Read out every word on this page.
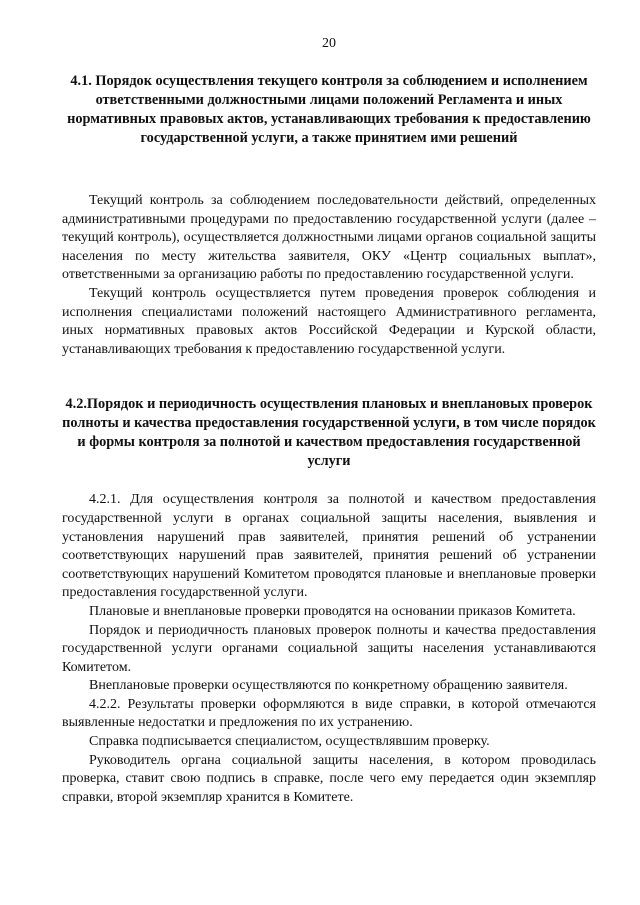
20
4.1. Порядок осуществления текущего контроля за соблюдением и исполнением ответственными должностными лицами положений Регламента и иных нормативных правовых актов, устанавливающих требования к предоставлению государственной услуги, а также принятием ими решений

Текущий контроль за соблюдением последовательности действий, определенных административными процедурами по предоставлению государственной услуги (далее – текущий контроль), осуществляется должностными лицами органов социальной защиты населения по месту жительства заявителя, ОКУ «Центр социальных выплат», ответственными за организацию работы по предоставлению государственной услуги.

Текущий контроль осуществляется путем проведения проверок соблюдения и исполнения специалистами положений настоящего Административного регламента, иных нормативных правовых актов Российской Федерации и Курской области, устанавливающих требования к предоставлению государственной услуги.

4.2.Порядок и периодичность осуществления плановых и внеплановых проверок полноты и качества предоставления государственной услуги, в том числе порядок и формы контроля за полнотой и качеством предоставления государственной услуги

4.2.1. Для осуществления контроля за полнотой и качеством предоставления государственной услуги в органах социальной защиты населения, выявления и установления нарушений прав заявителей, принятия решений об устранении соответствующих нарушений прав заявителей, принятия решений об устранении соответствующих нарушений Комитетом проводятся плановые и внеплановые проверки предоставления государственной услуги.

Плановые и внеплановые проверки проводятся на основании приказов Комитета.

Порядок и периодичность плановых проверок полноты и качества предоставления государственной услуги органами социальной защиты населения устанавливаются Комитетом.

Внеплановые проверки осуществляются по конкретному обращению заявителя.

4.2.2. Результаты проверки оформляются в виде справки, в которой отмечаются выявленные недостатки и предложения по их устранению.

Справка подписывается специалистом, осуществлявшим проверку.

Руководитель органа социальной защиты населения, в котором проводилась проверка, ставит свою подпись в справке, после чего ему передается один экземпляр справки, второй экземпляр хранится в Комитете.
